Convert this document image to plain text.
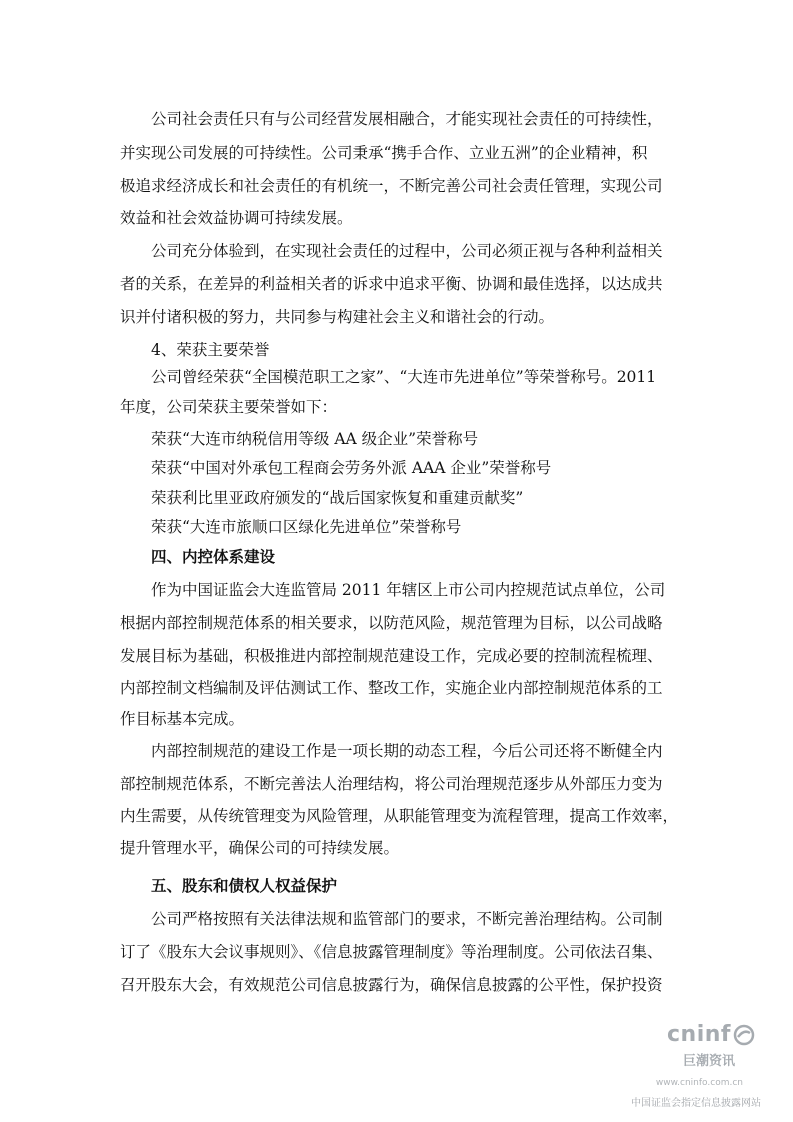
公司社会责任只有与公司经营发展相融合，才能实现社会责任的可持续性，
并实现公司发展的可持续性。公司秉承“携手合作、立业五洲”的企业精神，积
极追求经济成长和社会责任的有机统一，不断完善公司社会责任管理，实现公司
效益和社会效益协调可持续发展。
公司充分体验到，在实现社会责任的过程中，公司必须正视与各种利益相关
者的关系，在差异的利益相关者的诉求中追求平衡、协调和最佳选择，以达成共
识并付诸积极的努力，共同参与构建社会主义和谐社会的行动。
4、荣获主要荣誉
公司曾经荣获“全国模范职工之家”、“大连市先进单位”等荣誉称号。2011
年度，公司荣获主要荣誉如下：
荣获“大连市纳税信用等级 AA 级企业”荣誉称号
荣获“中国对外承包工程商会劳务外派 AAA 企业”荣誉称号
荣获利比里亚政府颁发的“战后国家恢复和重建贡献奖”
荣获“大连市旅顺口区绿化先进单位”荣誉称号
四、内控体系建设
作为中国证监会大连监管局 2011 年辖区上市公司内控规范试点单位，公司
根据内部控制规范体系的相关要求，以防范风险，规范管理为目标，以公司战略
发展目标为基础，积极推进内部控制规范建设工作，完成必要的控制流程梳理、
内部控制文档编制及评估测试工作、整改工作，实施企业内部控制规范体系的工
作目标基本完成。
内部控制规范的建设工作是一项长期的动态工程，今后公司还将不断健全内
部控制规范体系，不断完善法人治理结构，将公司治理规范逐步从外部压力变为
内生需要，从传统管理变为风险管理，从职能管理变为流程管理，提高工作效率，
提升管理水平，确保公司的可持续发展。
五、股东和债权人权益保护
公司严格按照有关法律法规和监管部门的要求，不断完善治理结构。公司制
订了《股东大会议事规则》、《信息披露管理制度》等治理制度。公司依法召集、
召开股东大会，有效规范公司信息披露行为，确保信息披露的公平性，保护投资
cninf
巨潮资讯
www.cninfo.com.cn
中国证监会指定信息披露网站
